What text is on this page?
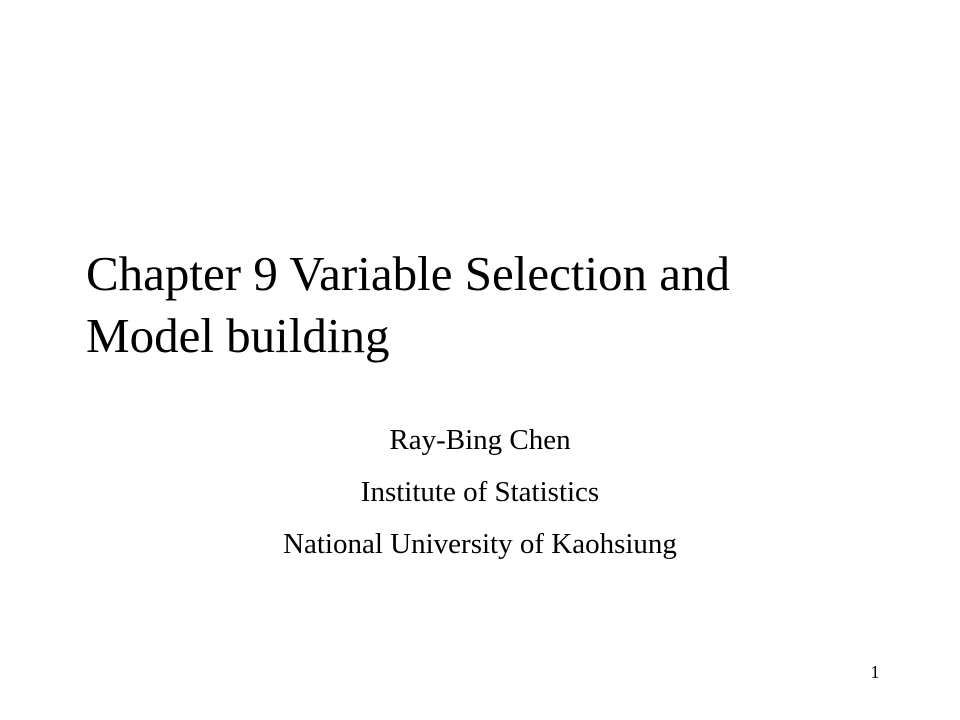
Chapter 9 Variable Selection and
Model building
Ray-Bing Chen
Institute of Statistics
National University of Kaohsiung
1
